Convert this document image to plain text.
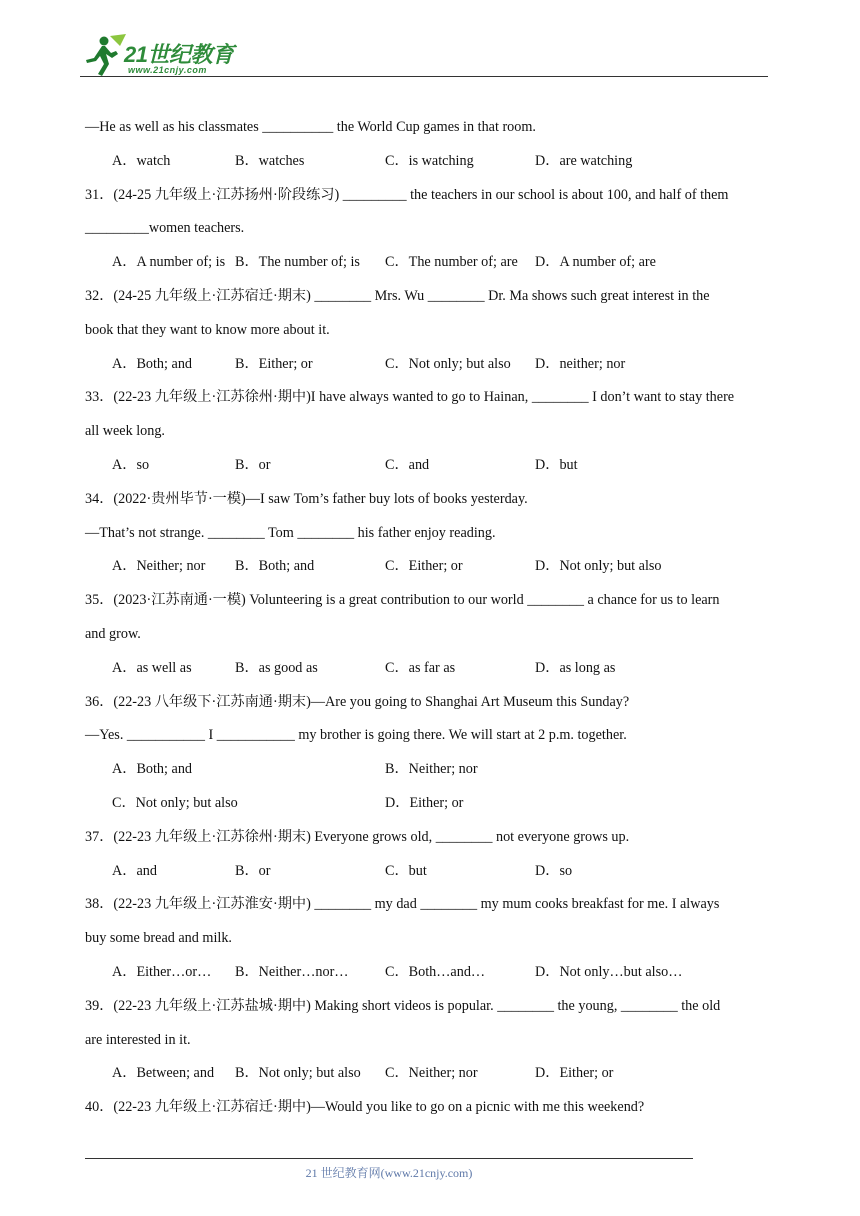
21世纪教育
www.21cnjy.com
—He as well as his classmates __________ the World Cup games in that room.
A．watch	B．watches	C．is watching	D．are watching
31．(24-25 九年级上·江苏扬州·阶段练习) _________ the teachers in our school is about 100, and half of them
_________women teachers.
A．A number of; is B．The number of; is C．The number of; are D．A number of; are
32．(24-25 九年级上·江苏宿迁·期末) ________ Mrs. Wu ________ Dr. Ma shows such great interest in the
book that they want to know more about it.
A．Both; and	B．Either; or	C．Not only; but also D．neither; nor
33．(22-23 九年级上·江苏徐州·期中)I have always wanted to go to Hainan, ________ I don’t want to stay there
all week long.
A．so	B．or	C．and	D．but
34．(2022·贵州毕节·一模)—I saw Tom’s father buy lots of books yesterday.
—That’s not strange. ________ Tom ________ his father enjoy reading.
A．Neither; nor B．Both; and	C．Either; or	D．Not only; but also
35．(2023·江苏南通·一模) Volunteering is a great contribution to our world ________ a chance for us to learn
and grow.
A．as well as	B．as good as	C．as far as	D．as long as
36．(22-23 八年级下·江苏南通·期末)—Are you going to Shanghai Art Museum this Sunday?
—Yes. ___________ I ___________ my brother is going there. We will start at 2 p.m. together.
A．Both; and	B．Neither; nor
C．Not only; but also	D．Either; or
37．(22-23 九年级上·江苏徐州·期末) Everyone grows old, ________ not everyone grows up.
A．and	B．or	C．but	D．so
38．(22-23 九年级上·江苏淮安·期中) ________ my dad ________ my mum cooks breakfast for me. I always
buy some bread and milk.
A．Either…or… B．Neither…nor…	C．Both…and…	D．Not only…but also…
39．(22-23 九年级上·江苏盐城·期中) Making short videos is popular. ________ the young, ________ the old
are interested in it.
A．Between; and B．Not only; but also C．Neither; nor	D．Either; or
40．(22-23 九年级上·江苏宿迁·期中)—Would you like to go on a picnic with me this weekend?
21 世纪教育网(www.21cnjy.com)
